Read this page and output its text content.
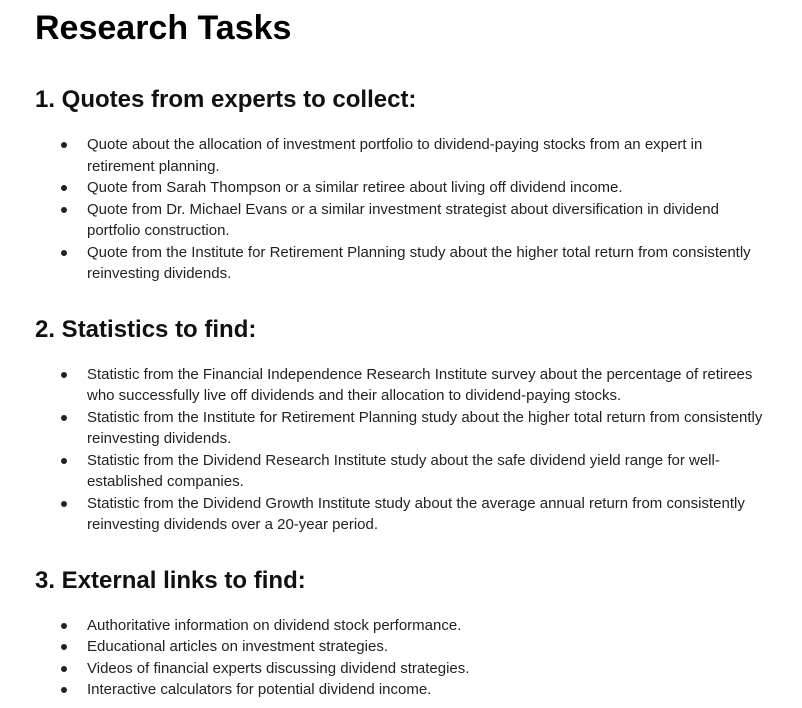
Research Tasks
1. Quotes from experts to collect:
Quote about the allocation of investment portfolio to dividend-paying stocks from an expert in retirement planning.
Quote from Sarah Thompson or a similar retiree about living off dividend income.
Quote from Dr. Michael Evans or a similar investment strategist about diversification in dividend portfolio construction.
Quote from the Institute for Retirement Planning study about the higher total return from consistently reinvesting dividends.
2. Statistics to find:
Statistic from the Financial Independence Research Institute survey about the percentage of retirees who successfully live off dividends and their allocation to dividend-paying stocks.
Statistic from the Institute for Retirement Planning study about the higher total return from consistently reinvesting dividends.
Statistic from the Dividend Research Institute study about the safe dividend yield range for well-established companies.
Statistic from the Dividend Growth Institute study about the average annual return from consistently reinvesting dividends over a 20-year period.
3. External links to find:
Authoritative information on dividend stock performance.
Educational articles on investment strategies.
Videos of financial experts discussing dividend strategies.
Interactive calculators for potential dividend income.
